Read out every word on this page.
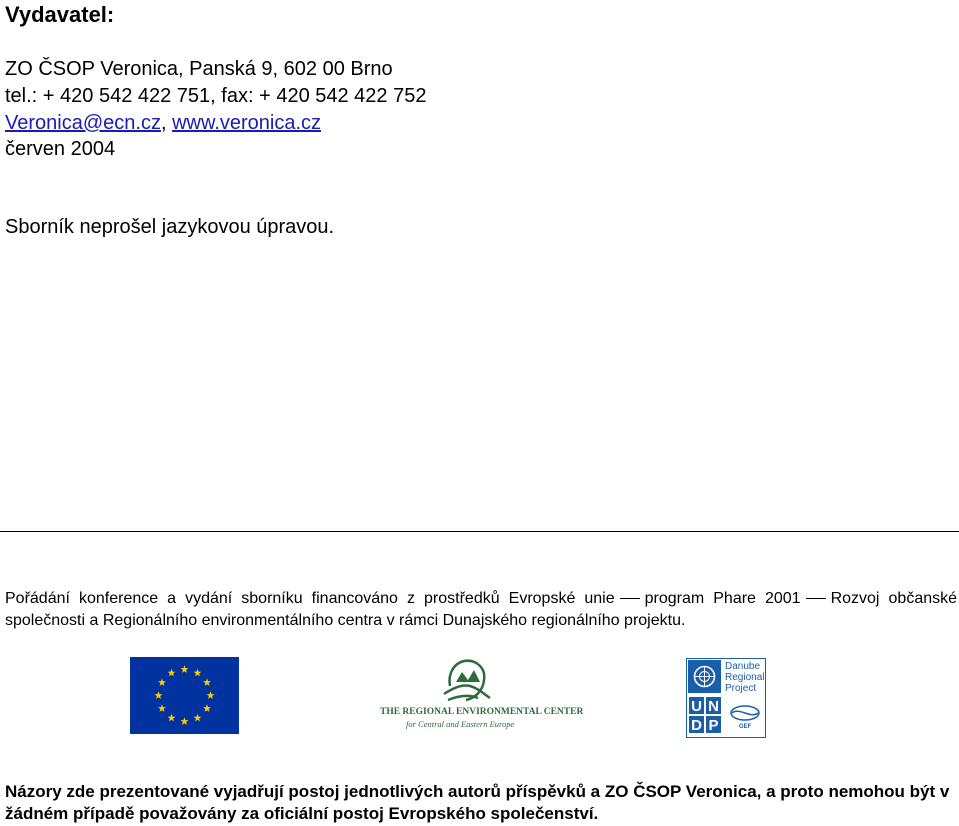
Vydavatel:
ZO ČSOP Veronica, Panská 9, 602 00 Brno
tel.: + 420 542 422 751, fax: + 420 542 422 752
Veronica@ecn.cz, www.veronica.cz
červen 2004
Sborník neprošel jazykovou úpravou.
Pořádání konference a vydání sborníku financováno z prostředků Evropské unie program Phare 2001 Rozvoj občanské společnosti a Regionálního environmentálního centra v rámci Dunajského regionálního projektu.
THE REGIONAL ENVIRONMENTAL CENTER
for Central and Eastern Europe
Danube
Regional
Project
U N
D P	GEF
Názory zde prezentované vyjadřují postoj jednotlivých autorů příspěvků a ZO ČSOP Veronica, a proto nemohou být v žádném případě považovány za oficiální postoj Evropského společenství.
